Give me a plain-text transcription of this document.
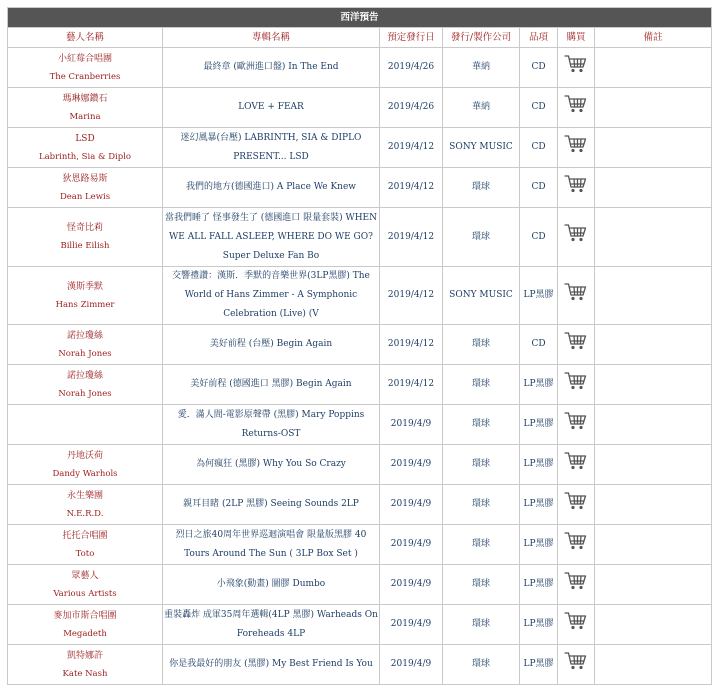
西洋預告						
藝人名稱	專輯名稱	預定發行日	發行/製作公司	品項	購買	備註
小紅莓合唱團
The Cranberries	最終章 (歐洲進口盤) In The End	2019/4/26	華納	CD		
瑪琳娜鑽石
Marina	LOVE + FEAR	2019/4/26	華納	CD		
LSD
Labrinth, Sia & Diplo	迷幻風暴(台壓) LABRINTH, SIA & DIPLO PRESENT... LSD	2019/4/12	SONY MUSIC	CD		
狄恩路易斯
Dean Lewis	我們的地方(德國進口) A Place We Knew	2019/4/12	環球	CD		
怪奇比莉
Billie Eilish	當我們睡了 怪事發生了 (德國進口 限量套裝) WHEN WE ALL FALL ASLEEP, WHERE DO WE GO? Super Deluxe Fan Bo	2019/4/12	環球	CD		
漢斯季默
Hans Zimmer	交響禮讚：漢斯．季默的音樂世界(3LP黑膠) The World of Hans Zimmer - A Symphonic Celebration (Live) (V	2019/4/12	SONY MUSIC	LP黑膠		
諾拉瓊絲
Norah Jones	美好前程 (台壓) Begin Again	2019/4/12	環球	CD		
諾拉瓊絲
Norah Jones	美好前程 (德國進口 黑膠) Begin Again	2019/4/12	環球	LP黑膠		

	愛．滿人間-電影原聲帶 (黑膠) Mary Poppins Returns-OST	2019/4/9	環球	LP黑膠		
丹地沃荷
Dandy Warhols	為何瘋狂 (黑膠) Why You So Crazy	2019/4/9	環球	LP黑膠		
永生樂團
N.E.R.D.	親耳目睹 (2LP 黑膠) Seeing Sounds 2LP	2019/4/9	環球	LP黑膠		
托托合唱團
Toto	烈日之旅40周年世界巡迴演唱會 限量版黑膠 40 Tours Around The Sun ( 3LP Box Set )	2019/4/9	環球	LP黑膠		
眾藝人
Various Artists	小飛象(動畫) 圖膠 Dumbo	2019/4/9	環球	LP黑膠		
麥加市斯合唱團
Megadeth	重裝轟炸 成軍35周年選輯(4LP 黑膠) Warheads On Foreheads 4LP	2019/4/9	環球	LP黑膠		
凱特娜許
Kate Nash	你是我最好的朋友 (黑膠) My Best Friend Is You	2019/4/9	環球	LP黑膠		
